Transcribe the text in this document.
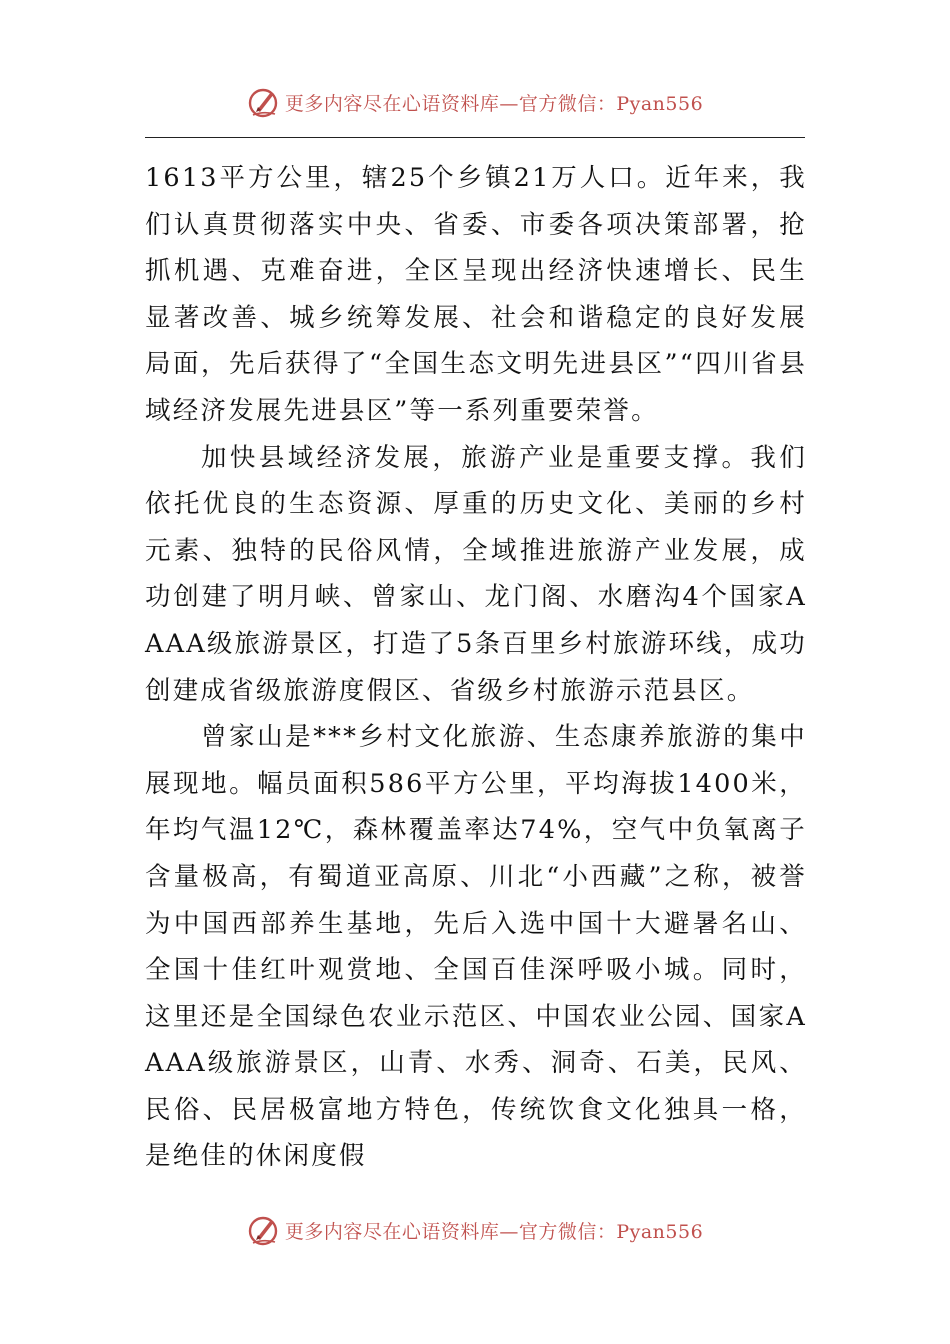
更多内容尽在心语资料库—官方微信：Pyan556

1613平方公里，辖25个乡镇21万人口。近年来，我们认真贯彻落实中央、省委、市委各项决策部署，抢抓机遇、克难奋进，全区呈现出经济快速增长、民生显著改善、城乡统筹发展、社会和谐稳定的良好发展局面，先后获得了“全国生态文明先进县区”“四川省县域经济发展先进县区”等一系列重要荣誉。

加快县域经济发展，旅游产业是重要支撑。我们依托优良的生态资源、厚重的历史文化、美丽的乡村元素、独特的民俗风情，全域推进旅游产业发展，成功创建了明月峡、曾家山、龙门阁、水磨沟4个国家AAAA级旅游景区，打造了5条百里乡村旅游环线，成功创建成省级旅游度假区、省级乡村旅游示范县区。

曾家山是***乡村文化旅游、生态康养旅游的集中展现地。幅员面积586平方公里，平均海拔1400米，年均气温12℃，森林覆盖率达74%，空气中负氧离子含量极高，有蜀道亚高原、川北“小西藏”之称，被誉为中国西部养生基地，先后入选中国十大避暑名山、全国十佳红叶观赏地、全国百佳深呼吸小城。同时，这里还是全国绿色农业示范区、中国农业公园、国家AAAA级旅游景区，山青、水秀、洞奇、石美，民风、民俗、民居极富地方特色，传统饮食文化独具一格，是绝佳的休闲度假

更多内容尽在心语资料库—官方微信：Pyan556
